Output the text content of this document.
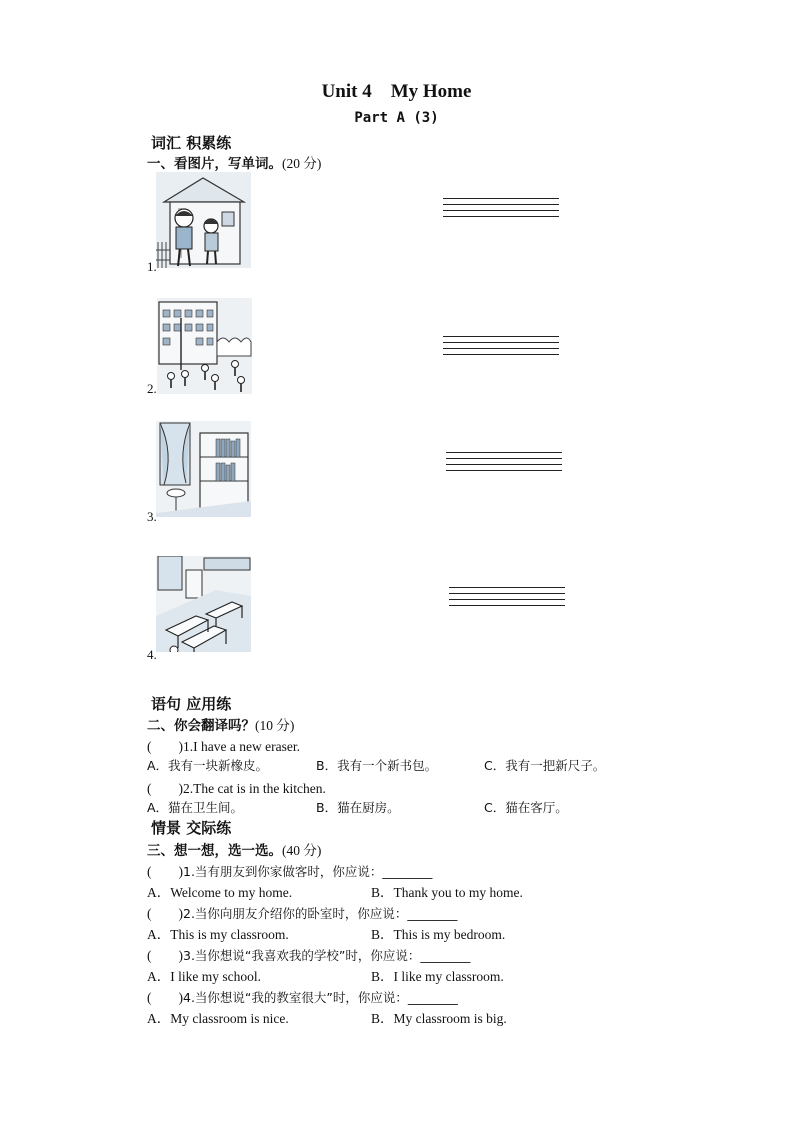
Unit 4　My Home
Part A (3)
词汇 积累练
一、看图片，写单词。(20 分)
1.
2.
3.
4.
语句 应用练
二、你会翻译吗？(10 分)
(　　)1.I have a new eraser.
A．我有一块新橡皮。	B．我有一个新书包。	C．我有一把新尺子。
(　　)2.The cat is in the kitchen.
A．猫在卫生间。	B．猫在厨房。	C．猫在客厅。
情景 交际练
三、想一想，选一选。(40 分)
(　　)1.当有朋友到你家做客时，你应说：________
A．Welcome to my home.	B．Thank you to my home.
(　　)2.当你向朋友介绍你的卧室时，你应说：________
A．This is my classroom.	B．This is my bedroom.
(　　)3.当你想说“我喜欢我的学校”时，你应说：________
A．I like my school.	B．I like my classroom.
(　　)4.当你想说“我的教室很大”时，你应说：________
A．My classroom is nice.	B．My classroom is big.
